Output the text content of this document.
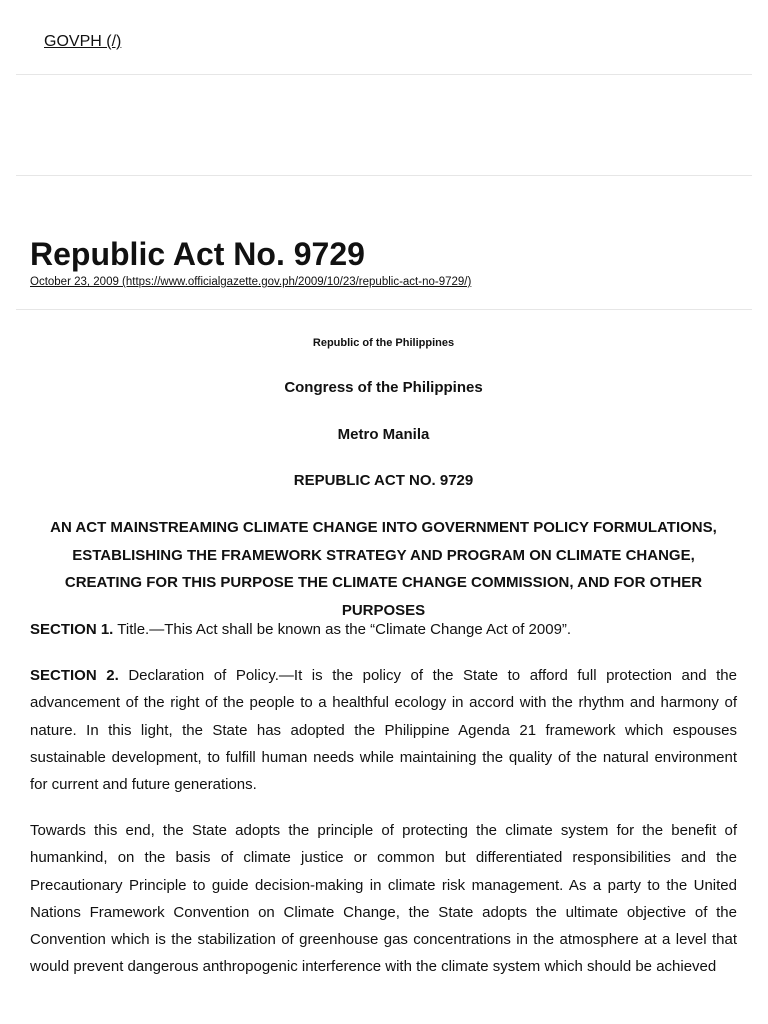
GOVPH (/)
Republic Act No. 9729
October 23, 2009 (https://www.officialgazette.gov.ph/2009/10/23/republic-act-no-9729/)

Republic of the Philippines

Congress of the Philippines

Metro Manila

REPUBLIC ACT NO. 9729

AN ACT MAINSTREAMING CLIMATE CHANGE INTO GOVERNMENT POLICY FORMULATIONS, ESTABLISHING THE FRAMEWORK STRATEGY AND PROGRAM ON CLIMATE CHANGE, CREATING FOR THIS PURPOSE THE CLIMATE CHANGE COMMISSION, AND FOR OTHER PURPOSES

SECTION 1. Title.—This Act shall be known as the “Climate Change Act of 2009”.

SECTION 2. Declaration of Policy.—It is the policy of the State to afford full protection and the advancement of the right of the people to a healthful ecology in accord with the rhythm and harmony of nature. In this light, the State has adopted the Philippine Agenda 21 framework which espouses sustainable development, to fulfill human needs while maintaining the quality of the natural environment for current and future generations.

Towards this end, the State adopts the principle of protecting the climate system for the benefit of humankind, on the basis of climate justice or common but differentiated responsibilities and the Precautionary Principle to guide decision-making in climate risk management. As a party to the United Nations Framework Convention on Climate Change, the State adopts the ultimate objective of the Convention which is the stabilization of greenhouse gas concentrations in the atmosphere at a level that would prevent dangerous anthropogenic interference with the climate system which should be achieved
